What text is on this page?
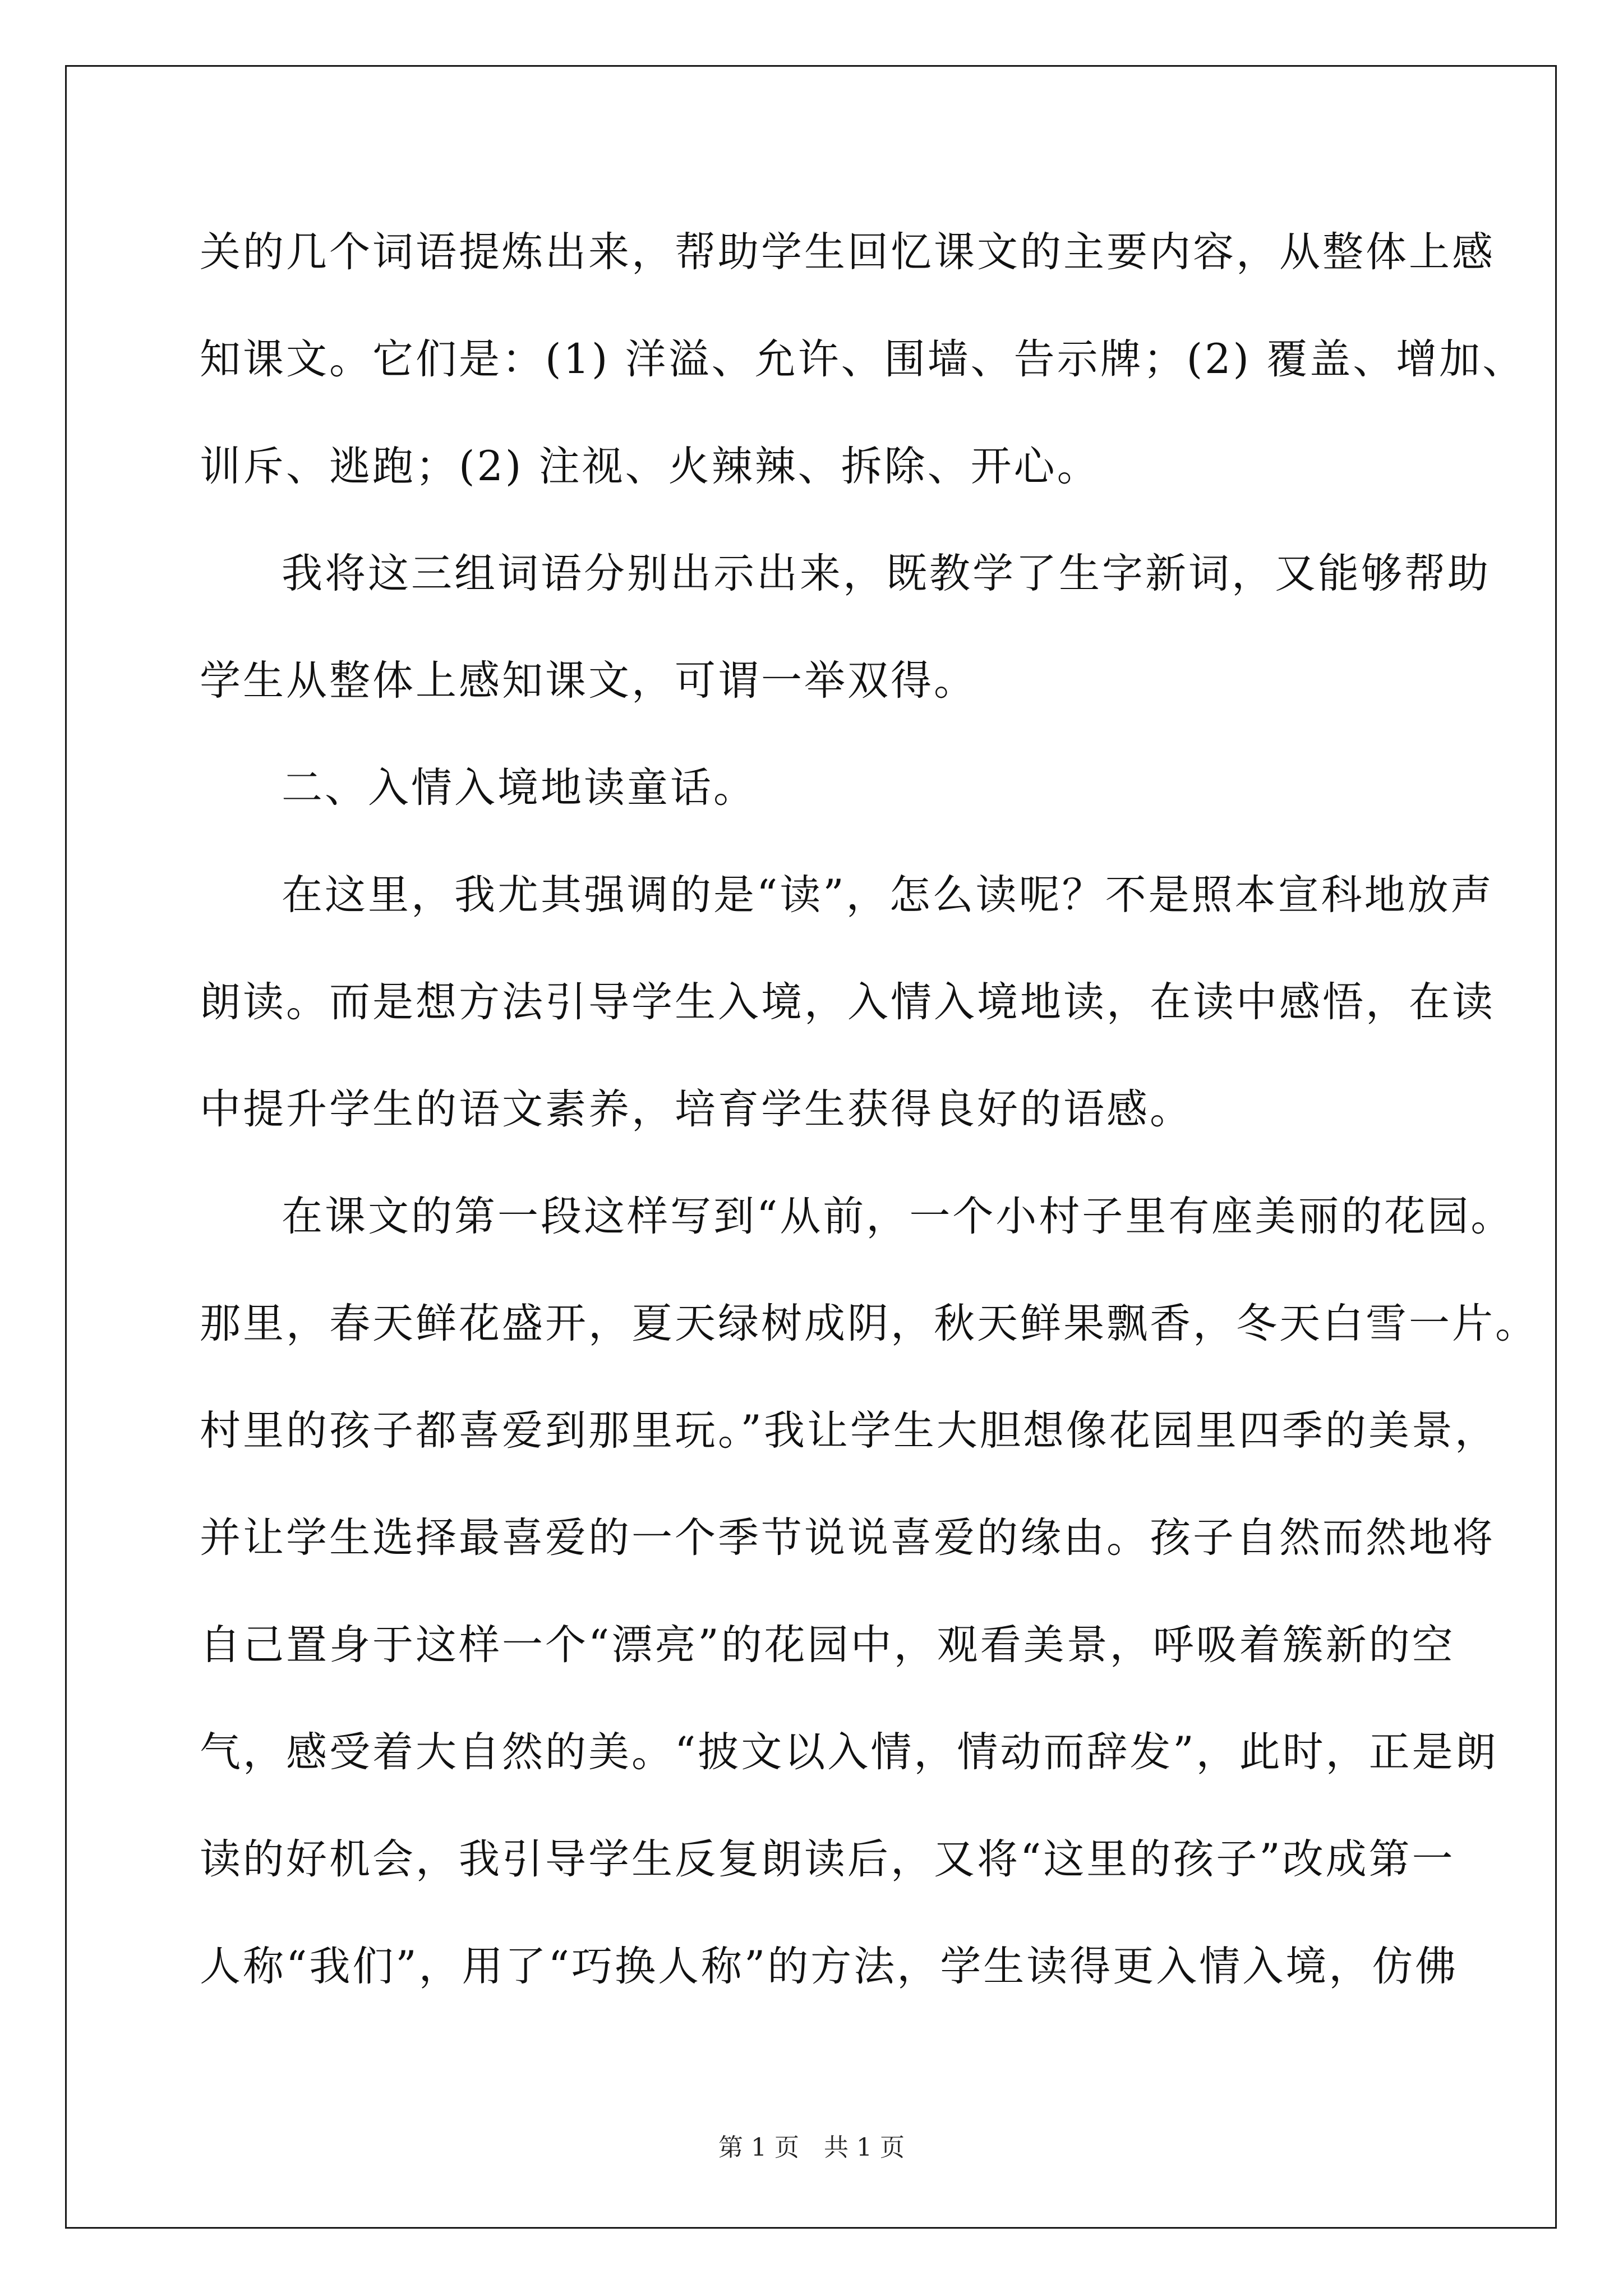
关的几个词语提炼出来，帮助学生回忆课文的主要内容，从整体上感
知课文。它们是：(1) 洋溢、允许、围墙、告示牌；(2) 覆盖、增加、
训斥、逃跑；(2) 注视、火辣辣、拆除、开心。
我将这三组词语分别出示出来，既教学了生字新词，又能够帮助
学生从整体上感知课文，可谓一举双得。
二、入情入境地读童话。
在这里，我尤其强调的是“读”，怎么读呢？不是照本宣科地放声
朗读。而是想方法引导学生入境，入情入境地读，在读中感悟，在读
中提升学生的语文素养，培育学生获得良好的语感。
在课文的第一段这样写到“从前，一个小村子里有座美丽的花园。
那里，春天鲜花盛开，夏天绿树成阴，秋天鲜果飘香，冬天白雪一片。
村里的孩子都喜爱到那里玩。”我让学生大胆想像花园里四季的美景，
并让学生选择最喜爱的一个季节说说喜爱的缘由。孩子自然而然地将
自己置身于这样一个“漂亮”的花园中，观看美景，呼吸着簇新的空
气，感受着大自然的美。“披文以入情，情动而辞发”，此时，正是朗
读的好机会，我引导学生反复朗读后，又将“这里的孩子”改成第一
人称“我们”，用了“巧换人称”的方法，学生读得更入情入境，仿佛
第 1 页　共 1 页
